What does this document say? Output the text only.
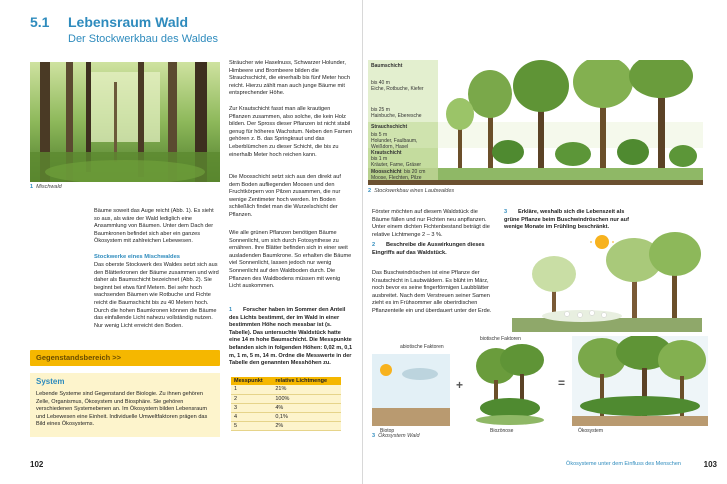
5.1 Lebensraum Wald
Der Stockwerkbau des Waldes
1 Mischwald
Bäume soweit das Auge reicht (Abb. 1). Es sieht so aus, als wäre der Wald lediglich eine Ansammlung von Bäumen. Unter dem Dach der Baumkronen befindet sich aber ein ganzes Ökosystem mit zahlreichen Lebewesen.
Stockwerke eines Mischwaldes
Das oberste Stockwerk des Waldes setzt sich aus den Blätterkronen der Bäume zusammen und wird daher als Baumschicht bezeichnet (Abb. 2). Sie beginnt bei etwa fünf Metern. Bei sehr hoch wachsenden Bäumen wie Rotbuche und Fichte reicht die Baumschicht bis zu 40 Metern hoch. Durch die hohen Baumkronen können die Bäume das einfallende Licht nahezu vollständig nutzen. Nur wenig Licht erreicht den Boden.
Gegenstandsbereich >>
System
Lebende Systeme sind Gegenstand der Biologie. Zu ihnen gehören Zelle, Organismus, Ökosystem und Biosphäre. Sie gehören verschiedenen Systemebenen an. Im Ökosystem bilden Lebensraum und Lebewesen eine Einheit. Individuelle Umweltfaktoren prägen das Bild eines Ökosystems.
Sträucher wie Haselnuss, Schwarzer Holunder, Himbeere und Brombeere bilden die Strauchschicht, die einerhalb bis fünf Meter hoch reicht. Hierzu zählt man auch junge Bäume mit entsprechender Höhe.
Zur Krautschicht fasst man alle krautigen Pflanzen zusammen, also solche, die kein Holz bilden. Der Spross dieser Pflanzen ist nicht stabil genug für höheres Wachstum. Neben den Farnen gehören z. B. das Springkraut und das Leberblümchen zu dieser Schicht, die bis zu einerhalb Meter hoch reichen kann.
Die Moosschicht setzt sich aus den direkt auf dem Boden aufliegenden Moosen und den Fruchtkörpern von Pilzen zusammen, die nur wenige Zentimeter hoch werden. Im Boden schließlich findet man die Wurzelschicht der Pflanzen.
Wie alle grünen Pflanzen benötigen Bäume Sonnenlicht, um sich durch Fotosynthese zu ernähren. Ihre Blätter befinden sich in einer weit ausladenden Baumkrone. So erhalten die Bäume viel Sonnenlicht, lassen jedoch nur wenig Sonnenlicht auf den Waldboden durch. Die Pflanzen des Waldbodens müssen mit wenig Licht auskommen.
1 Forscher haben im Sommer den Anteil des Lichts bestimmt, der im Wald in einer bestimmten Höhe noch messbar ist (s. Tabelle). Das untersuchte Waldstück hatte eine 14 m hohe Baumschicht. Die Messpunkte befanden sich in folgenden Höhen: 0,02 m, 0,1 m, 1 m, 5 m, 14 m. Ordne die Messwerte in der Tabelle den genannten Messhöhen zu.
Messpunkt	relative Lichtmenge
1	21%
2	100%
3	4%
4	0,1%
5	2%
102
Baumschicht
bis 40 m
Eiche, Rotbuche, Kiefer
bis 25 m
Hainbuche, Eberesche
Strauchschicht
bis 5 m
Holunder, Faulbaum, Weißdorn, Hasel
Krautschicht
bis 1 m
Kräuter, Farne, Gräser
Moosschicht bis 20 cm
Moose, Flechten, Pilze
2 Stockwerkbau eines Laubwaldes
Förster möchten auf diesem Waldstück die Bäume fällen und nur Fichten neu anpflanzen. Unter einem dichten Fichtenbestand beträgt die relative Lichtmenge 2 – 3 %.
2 Beschreibe die Auswirkungen dieses Eingriffs auf das Waldstück.
Das Buschwindröschen ist eine Pflanze der Krautschicht in Laubwäldern. Es blüht im März, noch bevor es seine fingerförmigen Laubblätter ausbreitet. Nach dem Verstreuen seiner Samen zieht es im Frühsommer alle oberirdischen Pflanzenteile ein und überdauert unter der Erde.
3 Erkläre, weshalb sich die Lebenszeit als grüne Pflanze beim Buschwindröschen nur auf wenige Monate im Frühling beschränkt.
abiotische Faktoren
Biotop
+
biotische Faktoren
Biozönose
=
Ökosystem
3 Ökosystem Wald
Ökosysteme unter dem Einfluss des Menschen	103
